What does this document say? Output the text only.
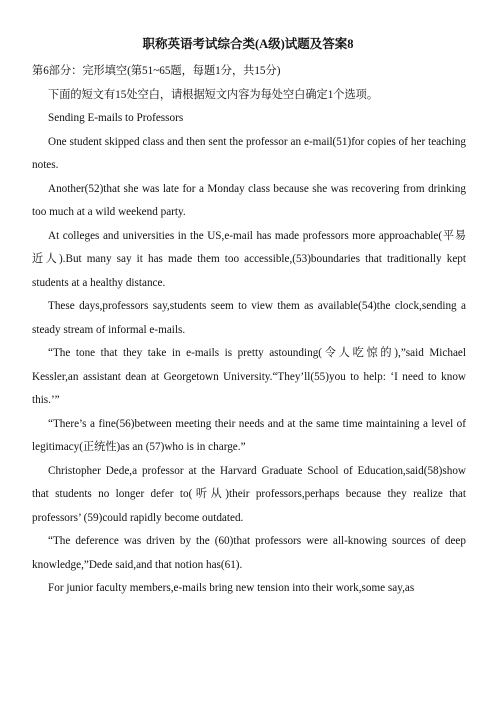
职称英语考试综合类(A级)试题及答案8

第6部分：完形填空(第51~65题，每题1分，共15分)

下面的短文有15处空白，请根据短文内容为每处空白确定1个选项。

Sending E-mails to Professors

One student skipped class and then sent the professor an e-mail(51)for copies of her teaching notes.

Another(52)that she was late for a Monday class because she was recovering from drinking too much at a wild weekend party.

At colleges and universities in the US,e-mail has made professors more approachable(平易近人).But many say it has made them too accessible,(53)boundaries that traditionally kept students at a healthy distance.

These days,professors say,students seem to view them as available(54)the clock,sending a steady stream of informal e-mails.

“The tone that they take in e-mails is pretty astounding(令人吃惊的),”said Michael Kessler,an assistant dean at Georgetown University.“They’ll(55)you to help: ‘I need to know this.’”

“There’s a fine(56)between meeting their needs and at the same time maintaining a level of legitimacy(正统性)as an (57)who is in charge.”

Christopher Dede,a professor at the Harvard Graduate School of Education,said(58)show that students no longer defer to(听从)their professors,perhaps because they realize that professors’ (59)could rapidly become outdated.

“The deference was driven by the (60)that professors were all-knowing sources of deep knowledge,”Dede said,and that notion has(61).

For junior faculty members,e-mails bring new tension into their work,some say,as
